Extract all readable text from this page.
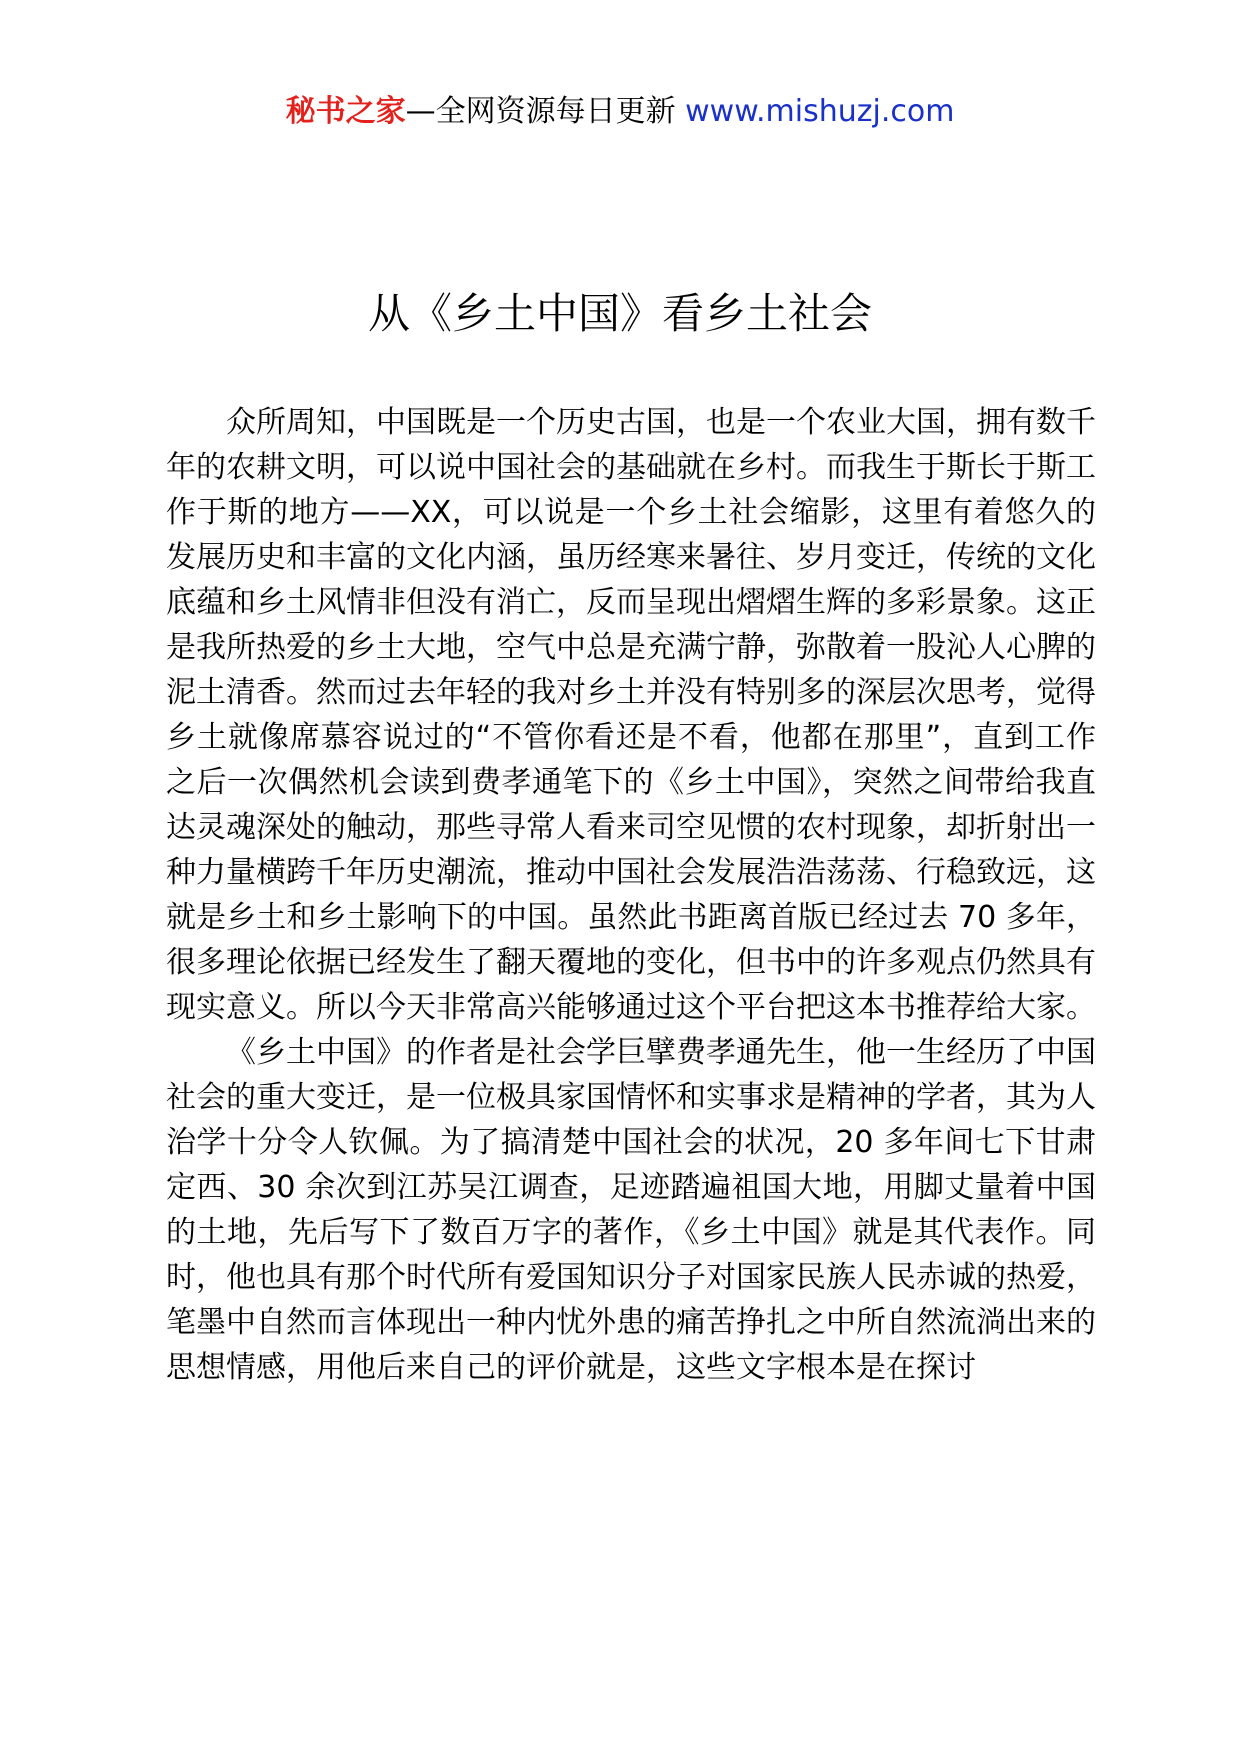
秘书之家—全网资源每日更新 www.mishuzj.com
从《乡土中国》看乡土社会

众所周知，中国既是一个历史古国，也是一个农业大国，拥有数千年的农耕文明，可以说中国社会的基础就在乡村。而我生于斯长于斯工作于斯的地方——XX，可以说是一个乡土社会缩影，这里有着悠久的发展历史和丰富的文化内涵，虽历经寒来暑往、岁月变迁，传统的文化底蕴和乡土风情非但没有消亡，反而呈现出熠熠生辉的多彩景象。这正是我所热爱的乡土大地，空气中总是充满宁静，弥散着一股沁人心脾的泥土清香。然而过去年轻的我对乡土并没有特别多的深层次思考，觉得乡土就像席慕容说过的“不管你看还是不看，他都在那里”，直到工作之后一次偶然机会读到费孝通笔下的《乡土中国》，突然之间带给我直达灵魂深处的触动，那些寻常人看来司空见惯的农村现象，却折射出一种力量横跨千年历史潮流，推动中国社会发展浩浩荡荡、行稳致远，这就是乡土和乡土影响下的中国。虽然此书距离首版已经过去 70 多年，很多理论依据已经发生了翻天覆地的变化，但书中的许多观点仍然具有现实意义。所以今天非常高兴能够通过这个平台把这本书推荐给大家。

《乡土中国》的作者是社会学巨擘费孝通先生，他一生经历了中国社会的重大变迁，是一位极具家国情怀和实事求是精神的学者，其为人治学十分令人钦佩。为了搞清楚中国社会的状况，20 多年间七下甘肃定西、30 余次到江苏吴江调查，足迹踏遍祖国大地，用脚丈量着中国的土地，先后写下了数百万字的著作，《乡土中国》就是其代表作。同时，他也具有那个时代所有爱国知识分子对国家民族人民赤诚的热爱，笔墨中自然而言体现出一种内忧外患的痛苦挣扎之中所自然流淌出来的思想情感，用他后来自己的评价就是，这些文字根本是在探讨
